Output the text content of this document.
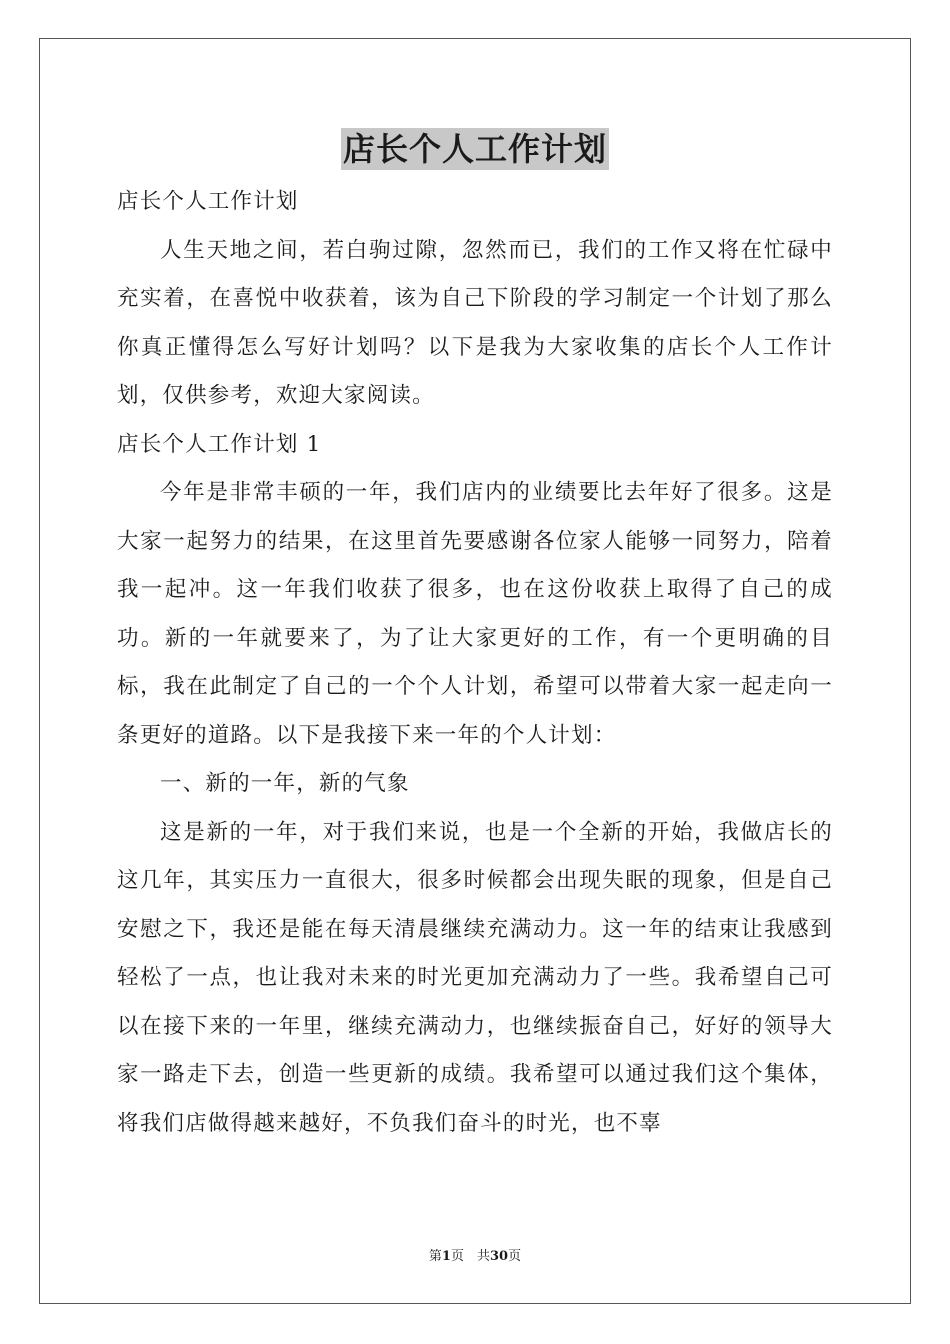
店长个人工作计划

店长个人工作计划

人生天地之间，若白驹过隙，忽然而已，我们的工作又将在忙碌中充实着，在喜悦中收获着，该为自己下阶段的学习制定一个计划了那么你真正懂得怎么写好计划吗？以下是我为大家收集的店长个人工作计划，仅供参考，欢迎大家阅读。

店长个人工作计划 1

今年是非常丰硕的一年，我们店内的业绩要比去年好了很多。这是大家一起努力的结果，在这里首先要感谢各位家人能够一同努力，陪着我一起冲。这一年我们收获了很多，也在这份收获上取得了自己的成功。新的一年就要来了，为了让大家更好的工作，有一个更明确的目标，我在此制定了自己的一个个人计划，希望可以带着大家一起走向一条更好的道路。以下是我接下来一年的个人计划：

一、新的一年，新的气象

这是新的一年，对于我们来说，也是一个全新的开始，我做店长的这几年，其实压力一直很大，很多时候都会出现失眠的现象，但是自己安慰之下，我还是能在每天清晨继续充满动力。这一年的结束让我感到轻松了一点，也让我对未来的时光更加充满动力了一些。我希望自己可以在接下来的一年里，继续充满动力，也继续振奋自己，好好的领导大家一路走下去，创造一些更新的成绩。我希望可以通过我们这个集体，将我们店做得越来越好，不负我们奋斗的时光，也不辜

第1页　共30页
